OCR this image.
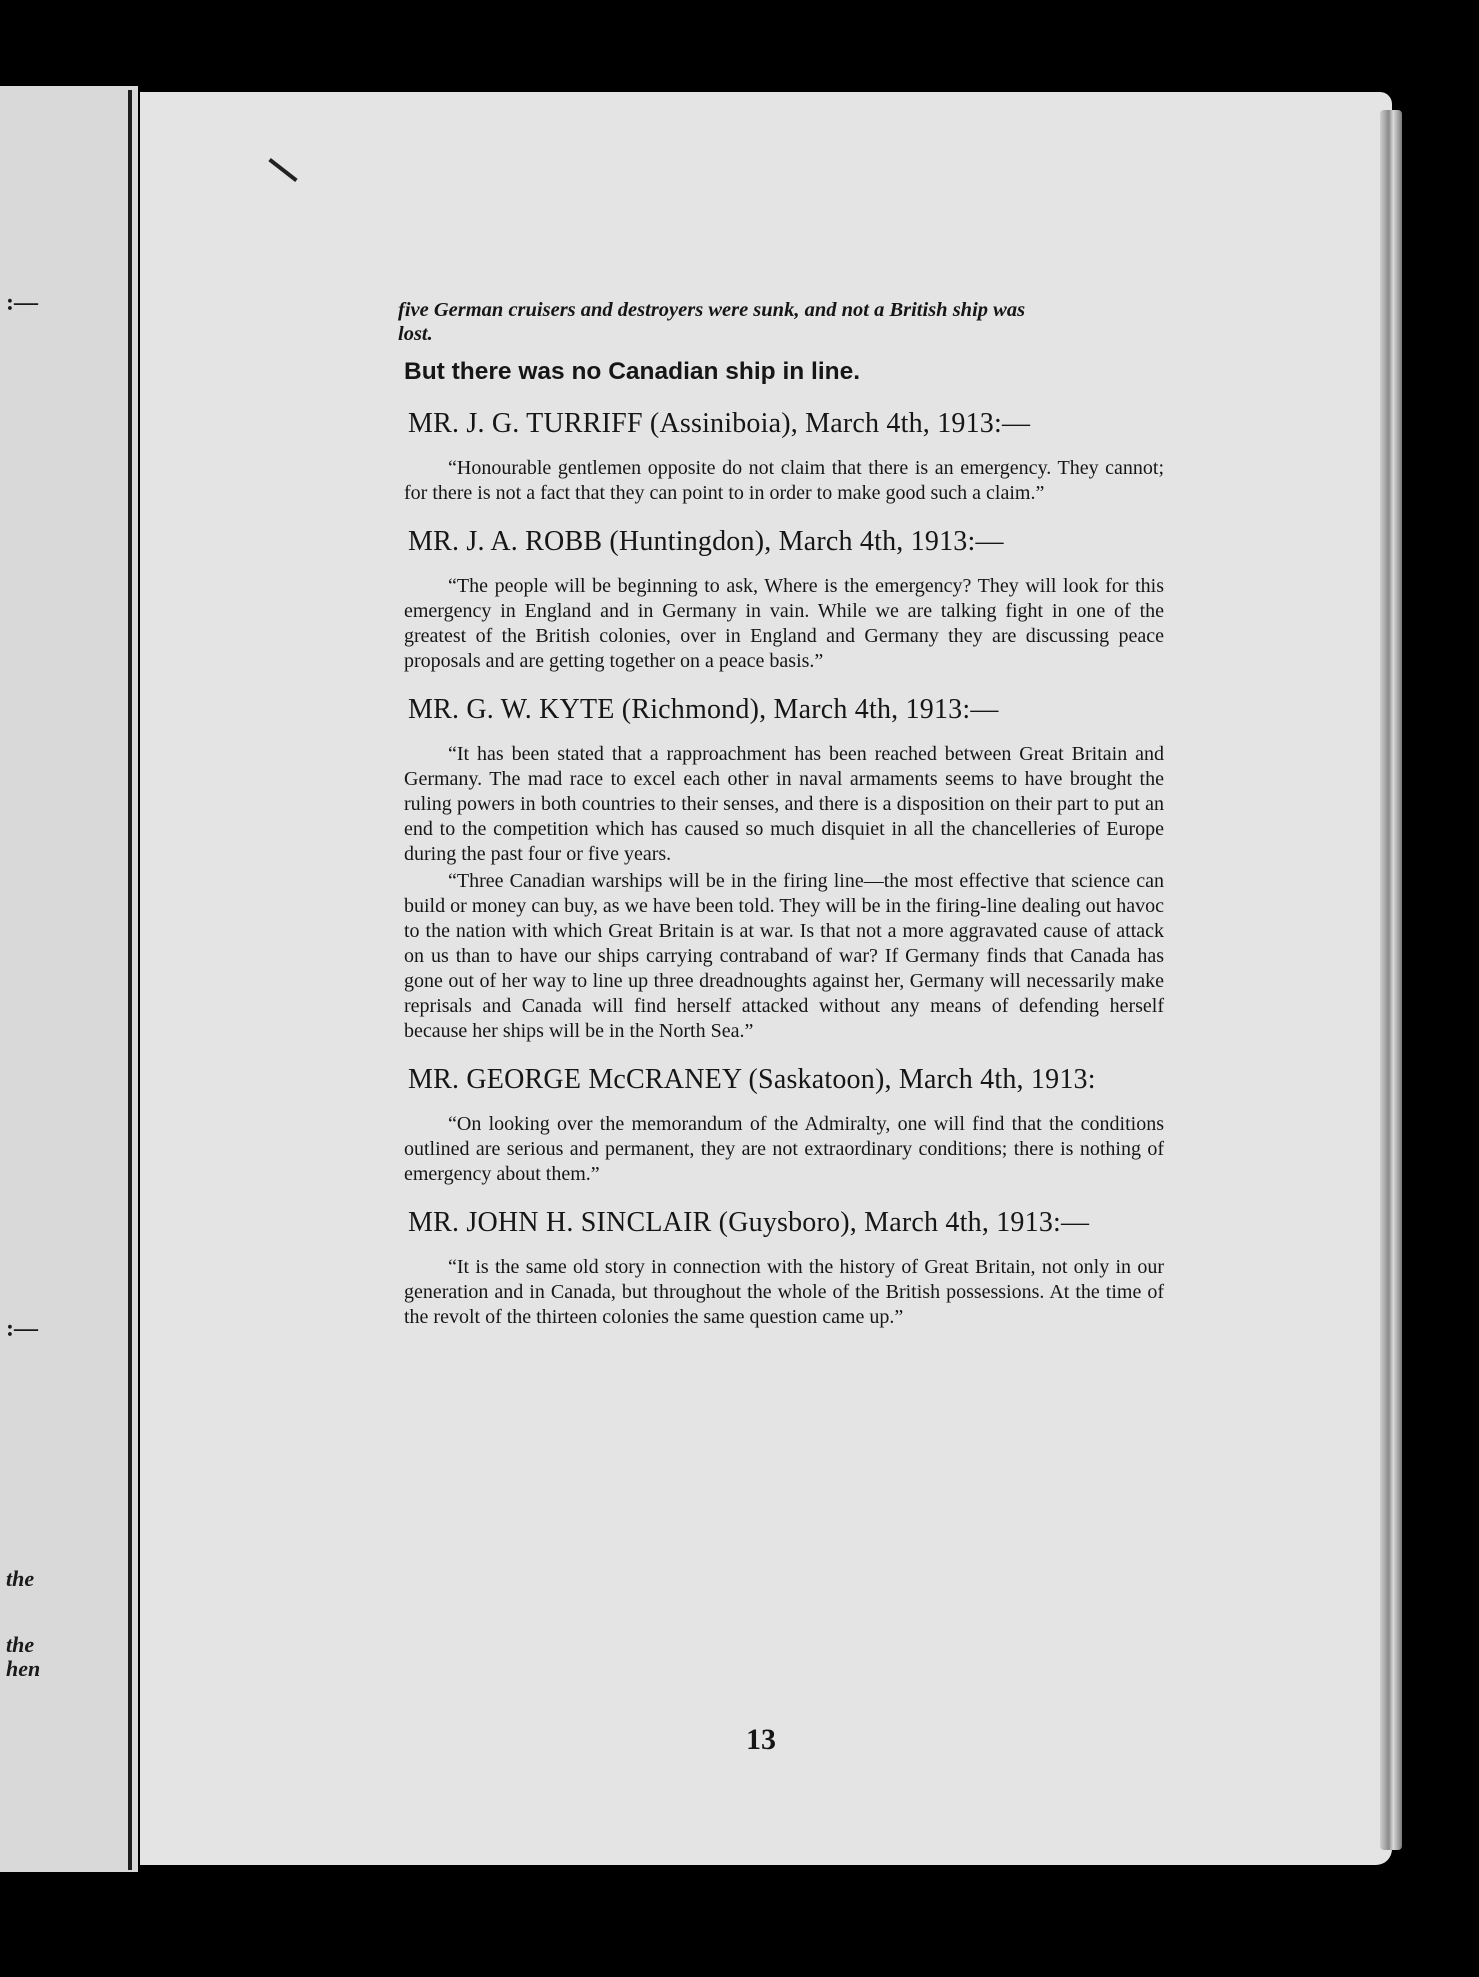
:—
:—
the
the
hen

five German cruisers and destroyers were sunk, and not a British ship was
lost.

But there was no Canadian ship in line.

MR. J. G. TURRIFF (Assiniboia), March 4th, 1913:—

“Honourable gentlemen opposite do not claim that there is an emergency. They cannot; for there is not a fact that they can point to in order to make good such a claim.”

MR. J. A. ROBB (Huntingdon), March 4th, 1913:—

“The people will be beginning to ask, Where is the emergency? They will look for this emergency in England and in Germany in vain. While we are talking fight in one of the greatest of the British colonies, over in England and Germany they are discussing peace proposals and are getting together on a peace basis.”

MR. G. W. KYTE (Richmond), March 4th, 1913:—

“It has been stated that a rapproachment has been reached between Great Britain and Germany. The mad race to excel each other in naval armaments seems to have brought the ruling powers in both countries to their senses, and there is a disposition on their part to put an end to the competition which has caused so much disquiet in all the chancelleries of Europe during the past four or five years.

“Three Canadian warships will be in the firing line—the most effective that science can build or money can buy, as we have been told. They will be in the firing-line dealing out havoc to the nation with which Great Britain is at war. Is that not a more aggravated cause of attack on us than to have our ships carrying contraband of war? If Germany finds that Canada has gone out of her way to line up three dreadnoughts against her, Germany will necessarily make reprisals and Canada will find herself attacked without any means of defending herself because her ships will be in the North Sea.”

MR. GEORGE McCRANEY (Saskatoon), March 4th, 1913:

“On looking over the memorandum of the Admiralty, one will find that the conditions outlined are serious and permanent, they are not extraordinary conditions; there is nothing of emergency about them.”

MR. JOHN H. SINCLAIR (Guysboro), March 4th, 1913:—

“It is the same old story in connection with the history of Great Britain, not only in our generation and in Canada, but throughout the whole of the British possessions. At the time of the revolt of the thirteen colonies the same question came up.”

13
